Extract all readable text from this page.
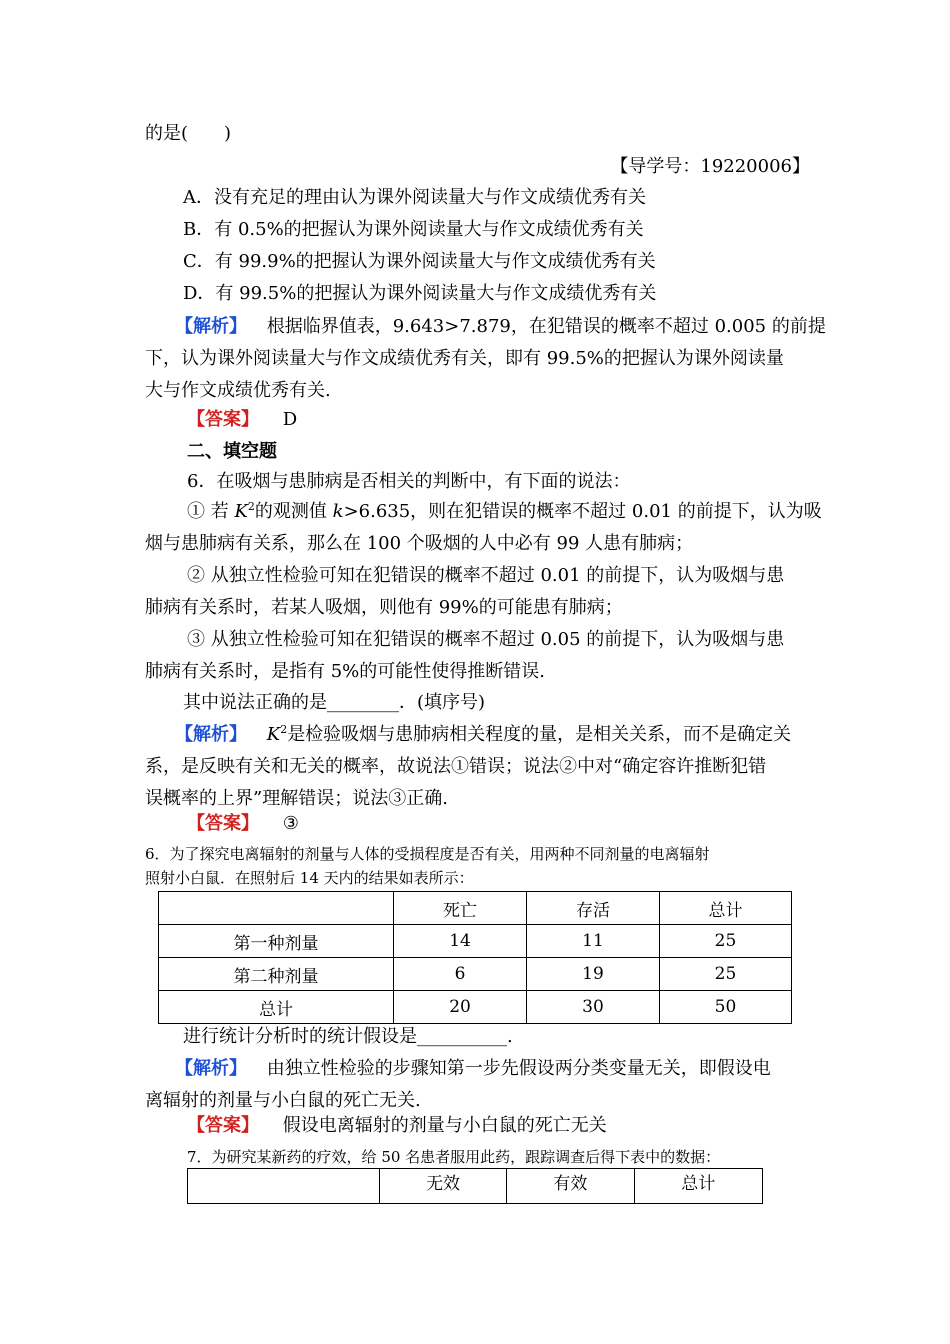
的是(　　)
【导学号：19220006】
A．没有充足的理由认为课外阅读量大与作文成绩优秀有关
B．有 0.5%的把握认为课外阅读量大与作文成绩优秀有关
C．有 99.9%的把握认为课外阅读量大与作文成绩优秀有关
D．有 99.5%的把握认为课外阅读量大与作文成绩优秀有关
【解析】 根据临界值表，9.643>7.879，在犯错误的概率不超过 0.005 的前提
下，认为课外阅读量大与作文成绩优秀有关，即有 99.5%的把握认为课外阅读量
大与作文成绩优秀有关.
【答案】 D
二、填空题
6．在吸烟与患肺病是否相关的判断中，有下面的说法：
① 若 $K^2$的观测值 k>6.635，则在犯错误的概率不超过 0.01 的前提下，认为吸
烟与患肺病有关系，那么在 100 个吸烟的人中必有 99 人患有肺病；
② 从独立性检验可知在犯错误的概率不超过 0.01 的前提下，认为吸烟与患
肺病有关系时，若某人吸烟，则他有 99%的可能患有肺病；
③ 从独立性检验可知在犯错误的概率不超过 0.05 的前提下，认为吸烟与患
肺病有关系时，是指有 5%的可能性使得推断错误.
其中说法正确的是________．(填序号)
【解析】 $K^2$是检验吸烟与患肺病相关程度的量，是相关关系，而不是确定关
系，是反映有关和无关的概率，故说法①错误；说法②中对“确定容许推断犯错
误概率的上界”理解错误；说法③正确.
【答案】 ③
6．为了探究电离辐射的剂量与人体的受损程度是否有关，用两种不同剂量的电离辐射
照射小白鼠．在照射后 14 天内的结果如表所示：
	死亡	存活	总计
第一种剂量	14	11	25
第二种剂量	6	19	25
总计	20	30	50
进行统计分析时的统计假设是__________.
【解析】 由独立性检验的步骤知第一步先假设两分类变量无关，即假设电
离辐射的剂量与小白鼠的死亡无关.
【答案】 假设电离辐射的剂量与小白鼠的死亡无关
7．为研究某新药的疗效，给 50 名患者服用此药，跟踪调查后得下表中的数据：
	无效	有效	总计
